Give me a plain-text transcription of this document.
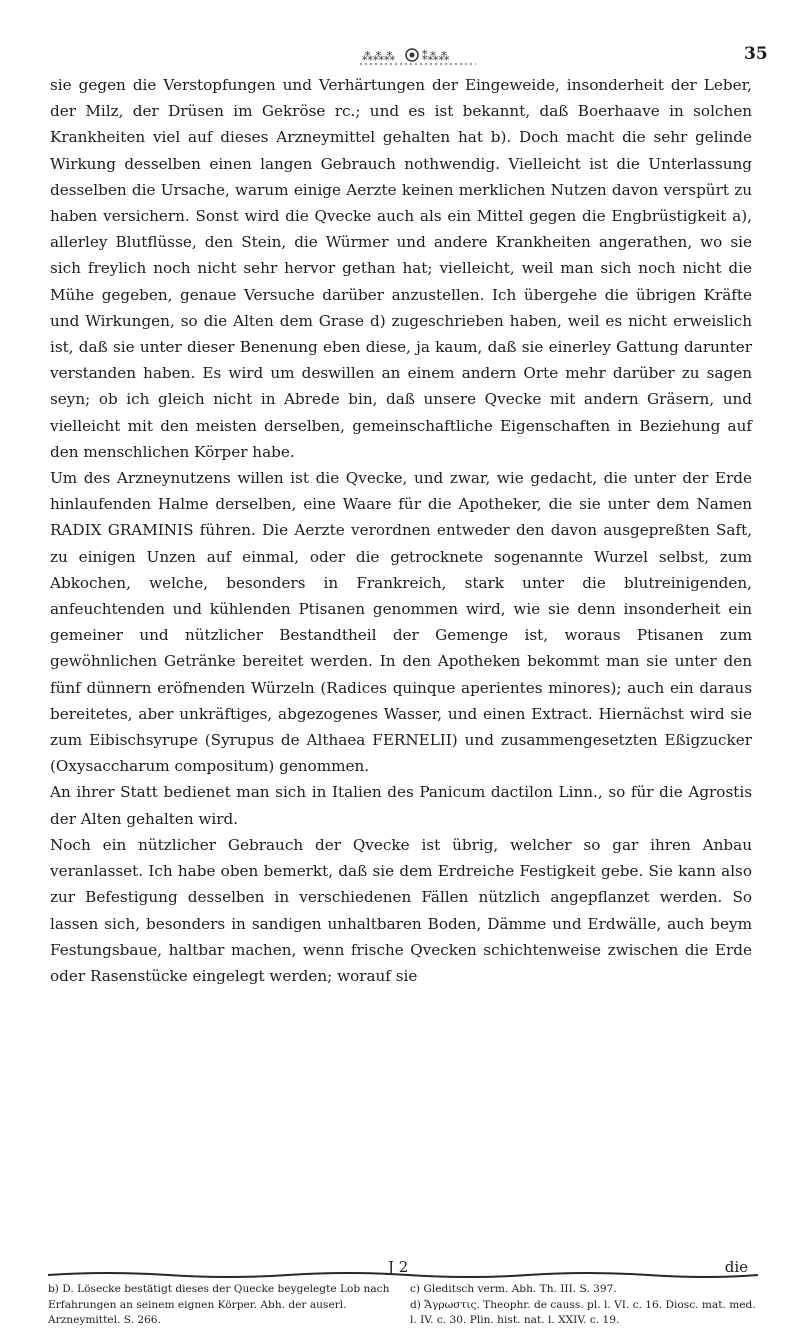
⁂⁂⁂ ⁑⁂⁂	35

sie gegen die Verstopfungen und Verhärtungen der Eingeweide, insonderheit der Leber, der Milz, der Drüsen im Gekröse rc.; und es ist bekannt, daß Boerhaave in solchen Krankheiten viel auf dieses Arzneymittel gehalten hat b). Doch macht die sehr gelinde Wirkung desselben einen langen Gebrauch nothwendig. Vielleicht ist die Unterlassung desselben die Ursache, warum einige Aerzte keinen merklichen Nutzen davon verspürt zu haben versichern. Sonst wird die Qvecke auch als ein Mittel gegen die Engbrüstigkeit a), allerley Blutflüsse, den Stein, die Würmer und andere Krankheiten angerathen, wo sie sich freylich noch nicht sehr hervor gethan hat; vielleicht, weil man sich noch nicht die Mühe gegeben, genaue Versuche darüber anzustellen. Ich übergehe die übrigen Kräfte und Wirkungen, so die Alten dem Grase d) zugeschrieben haben, weil es nicht erweislich ist, daß sie unter dieser Benenung eben diese, ja kaum, daß sie einerley Gattung darunter verstanden haben. Es wird um deswillen an einem andern Orte mehr darüber zu sagen seyn; ob ich gleich nicht in Abrede bin, daß unsere Qvecke mit andern Gräsern, und vielleicht mit den meisten derselben, gemeinschaftliche Eigenschaften in Beziehung auf den menschlichen Körper habe.

Um des Arzneynutzens willen ist die Qvecke, und zwar, wie gedacht, die unter der Erde hinlaufenden Halme derselben, eine Waare für die Apotheker, die sie unter dem Namen RADIX GRAMINIS führen. Die Aerzte verordnen entweder den davon ausgepreßten Saft, zu einigen Unzen auf einmal, oder die getrocknete sogenannte Wurzel selbst, zum Abkochen, welche, besonders in Frankreich, stark unter die blutreinigenden, anfeuchtenden und kühlenden Ptisanen genommen wird, wie sie denn insonderheit ein gemeiner und nützlicher Bestandtheil der Gemenge ist, woraus Ptisanen zum gewöhnlichen Getränke bereitet werden. In den Apotheken bekommt man sie unter den fünf dünnern eröfnenden Würzeln (Radices quinque aperientes minores); auch ein daraus bereitetes, aber unkräftiges, abgezogenes Wasser, und einen Extract. Hiernächst wird sie zum Eibischsyrupe (Syrupus de Althaea FERNELII) und zusammengesetzten Eßigzucker (Oxysaccharum compositum) genommen.

An ihrer Statt bedienet man sich in Italien des Panicum dactilon Linn., so für die Agrostis der Alten gehalten wird.

Noch ein nützlicher Gebrauch der Qvecke ist übrig, welcher so gar ihren Anbau veranlasset. Ich habe oben bemerkt, daß sie dem Erdreiche Festigkeit gebe. Sie kann also zur Befestigung desselben in verschiedenen Fällen nützlich angepflanzet werden. So lassen sich, besonders in sandigen unhaltbaren Boden, Dämme und Erdwälle, auch beym Festungsbaue, haltbar machen, wenn frische Qvecken schichtenweise zwischen die Erde oder Rasenstücke eingelegt werden; worauf sie

J 2	die
b) D. Lösecke bestätigt dieses der Quecke beygelegte Lob nach Erfahrungen an seinem eignen Körper. Abh. der auserl. Arzneymittel. S. 266.
c) Gleditsch verm. Abh. Th. III. S. 397.
d) Ἄγρωστις. Theophr. de causs. pl. l. VI. c. 16. Diosc. mat. med. l. IV. c. 30. Plin. hist. nat. l. XXIV. c. 19.
